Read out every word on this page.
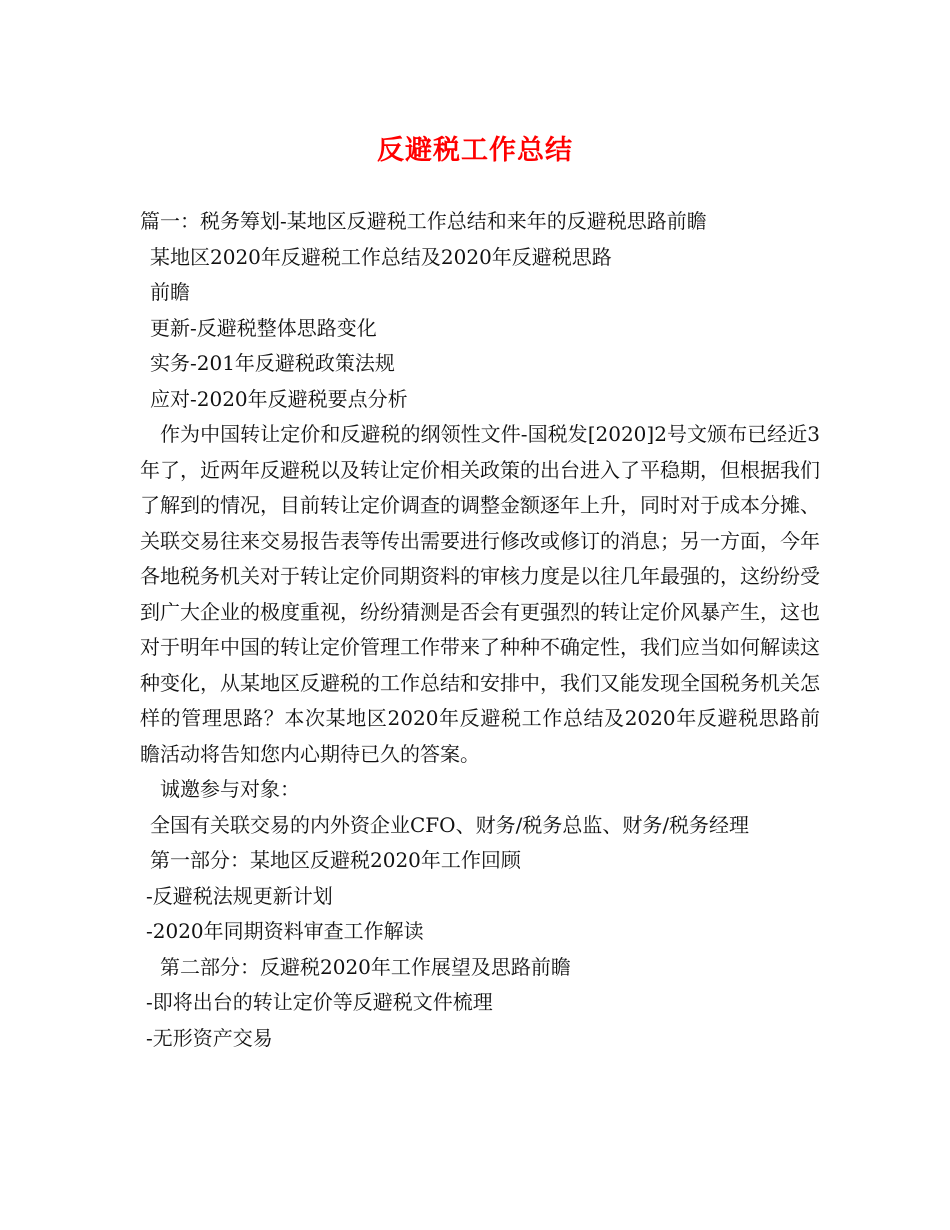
反避税工作总结
篇一：税务筹划-某地区反避税工作总结和来年的反避税思路前瞻
某地区2020年反避税工作总结及2020年反避税思路
前瞻
更新-反避税整体思路变化
实务-201年反避税政策法规
应对-2020年反避税要点分析

作为中国转让定价和反避税的纲领性文件-国税发[2020]2号文颁布已经近3年了，近两年反避税以及转让定价相关政策的出台进入了平稳期，但根据我们了解到的情况，目前转让定价调查的调整金额逐年上升，同时对于成本分摊、关联交易往来交易报告表等传出需要进行修改或修订的消息；另一方面，今年各地税务机关对于转让定价同期资料的审核力度是以往几年最强的，这纷纷受到广大企业的极度重视，纷纷猜测是否会有更强烈的转让定价风暴产生，这也对于明年中国的转让定价管理工作带来了种种不确定性，我们应当如何解读这种变化，从某地区反避税的工作总结和安排中，我们又能发现全国税务机关怎样的管理思路？本次某地区2020年反避税工作总结及2020年反避税思路前瞻活动将告知您内心期待已久的答案。

诚邀参与对象：
全国有关联交易的内外资企业CFO、财务/税务总监、财务/税务经理
第一部分：某地区反避税2020年工作回顾
-反避税法规更新计划
-2020年同期资料审查工作解读
第二部分：反避税2020年工作展望及思路前瞻
-即将出台的转让定价等反避税文件梳理
-无形资产交易
